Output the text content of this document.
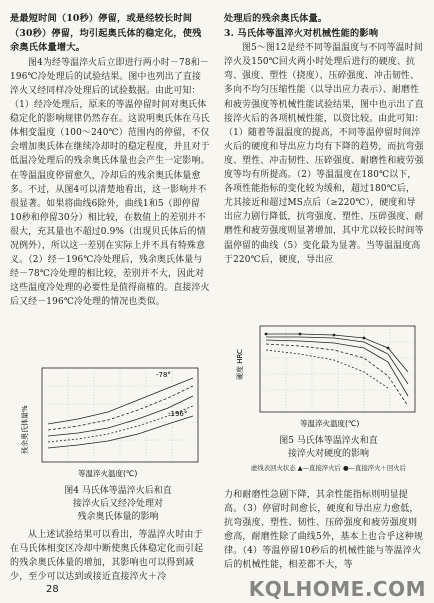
是最短时间（10秒）停留，或是经较长时间（30秒）停留，均引起奥氏体的稳定化，使残余奥氏体量增大。

图4为经等温淬火后立即进行两小时－78和－196℃冷处理后的试验结果。图中也列出了直接淬火又经同样冷处理后的试验数据。由此可知：（1）经冷处理后，原来的等温停留时间对奥氏体稳定化的影响规律仍然存在。这说明奥氏体在马氏体相变温度（100～240℃）范围内的停留，不仅会增加奥氏体在继续冷却时的稳定程度，并且对于低温冷处理后的残余奥氏体量也会产生一定影响。在等温温度停留愈久，冷却后的残余奥氏体量愈多。不过，从图4可以清楚地看出，这一影响并不很显著。如果将曲线6除外，曲线1和5（即停留10秒和停留30分）相比较，在数值上的差别并不很大，充其量也不超过0.9%（出现贝氏体后的情况例外），所以这一差别在实际上并不具有特殊意义。（2）经－196℃冷处理后，残余奥氏体量与经－78℃冷处理的相比较，差别并不大，因此对这些温度冷处理的必要性是值得商榷的。直接淬火后又经－196℃冷处理的情况也类似。

-78°
-196°
残余奥氏体量%
等温淬火温度(℃)
图4 马氏体等温淬火后和直
接淬火后又经冷处理对
残余奥氏体量的影响

从上述试验结果可以看出，等温淬火时由于在马氏体相变区冷却中断使奥氏体稳定化而引起的残余奥氏体量的增加，其影响也可以得到减少，至少可以达到或接近直接淬火＋冷

处理后的残余奥氏体量。

3. 马氏体等温淬火对机械性能的影响

图5～图12是经不同等温温度与不同等温时间淬火及150℃回火两小时处理后进行的硬度、抗弯、强度、塑性（挠度）、压碎强度、冲击韧性、多向不均匀压缩性能（以导出应力表示）、耐磨性和疲劳强度等机械性能试验结果，图中也示出了直接淬火后的各项机械性能，以资比较。由此可知：（1）随着等温温度的提高，不同等温停留时间淬火后的硬度和导出应力均有下降的趋势，而抗弯强度、塑性、冲击韧性、压碎强度、耐磨性和疲劳强度等均有所提高。（2）等温温度在180℃以下，各项性能指标的变化较为缓和，超过180℃后，尤其接近和超过MS点后（≥220℃），硬度和导出应力剧行降低，抗弯强度、塑性、压碎强度、耐磨性和疲劳强度则显著增加，其中尤以较长时间等温停留的曲线（5）变化最为显著。当等温温度高于220℃后，硬度，导出应

硬度 HRC
等温淬火温度(℃)
图5 马氏体等温淬火和直
接淬火对硬度的影响
虚线表回火状态 ▲—直接淬火后 ●—直接淬火＋回火后

力和耐磨性急剧下降，其余性能指标则明显提高。（3）停留时间愈长，硬度和导出应力愈低，抗弯强度、塑性、韧性、压碎强度和疲劳强度则愈高，耐磨性除了曲线5外，基本上也合乎这种规律。（4）等温停留10秒后的机械性能与等温淬火后的机械性能，相差都不大，等

28	KQLHOME.COM
